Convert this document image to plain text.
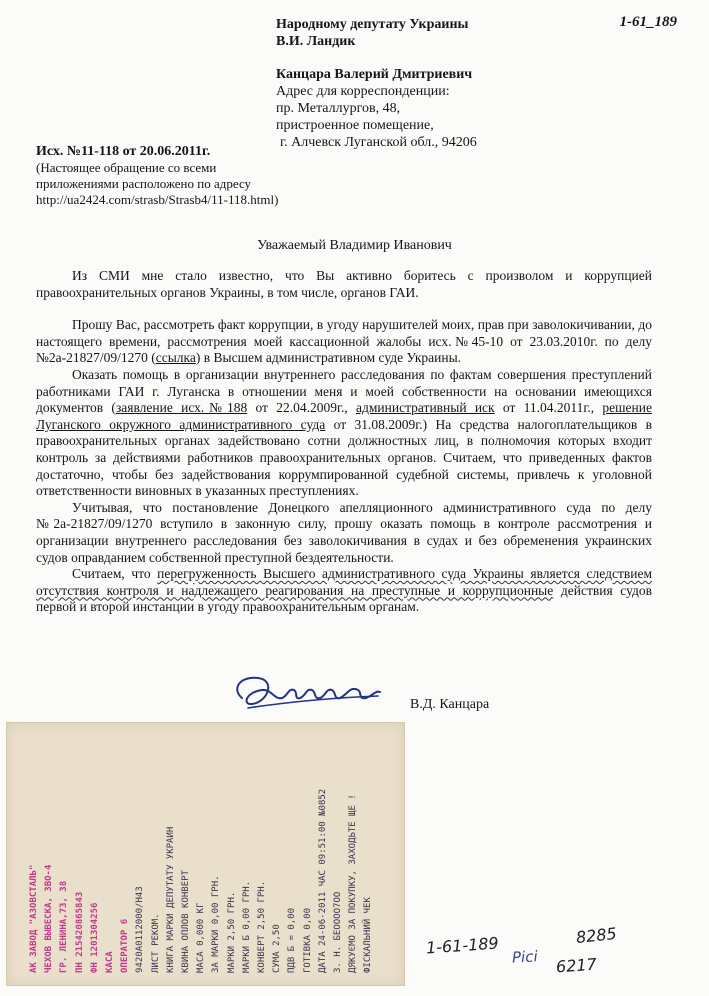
1-61_189
Народному депутату Украины
В.И. Ландик
Канцара Валерий Дмитриевич
Адрес для корреспонденции:
пр. Металлургов, 48,
пристроенное помещение,
г. Алчевск Луганской обл., 94206
Исх. №11-118 от 20.06.2011г.
(Настоящее обращение со всеми
приложениями расположено по адресу
http://ua2424.com/strasb/Strasb4/11-118.html)
Уважаемый Владимир Иванович

Из СМИ мне стало известно, что Вы активно боритесь с произволом и коррупцией правоохранительных органов Украины, в том числе, органов ГАИ.

Прошу Вас, рассмотреть факт коррупции, в угоду нарушителей моих, прав при заволокичивании, до настоящего времени, рассмотрения моей кассационной жалобы исх.№45-10 от 23.03.2010г. по делу №2а-21827/09/1270 (ссылка) в Высшем административном суде Украины.

Оказать помощь в организации внутреннего расследования по фактам совершения преступлений работниками ГАИ г. Луганска в отношении меня и моей собственности на основании имеющихся документов (заявление исх.№188 от 22.04.2009г., административный иск от 11.04.2011г., решение Луганского окружного административного суда от 31.08.2009г.) На средства налогоплательщиков в правоохранительных органах задействовано сотни должностных лиц, в полномочия которых входит контроль за действиями работников правоохранительных органов. Считаем, что приведенных фактов достаточно, чтобы без задействования коррумпированной судебной системы, привлечь к уголовной ответственности виновных в указанных преступлениях.

Учитывая, что постановление Донецкого апелляционного административного суда по делу №2а-21827/09/1270 вступило в законную силу, прошу оказать помощь в контроле рассмотрения и организации внутреннего расследования без заволокичивания в судах и без обременения украинских судов оправданием собственной преступной бездеятельности.

Считаем, что перегруженность Высшего административного суда Украины является следствием отсутствия контроля и надлежащего реагирования на преступные и коррупционные действия судов первой и второй инстанции в угоду правоохранительным органам.

В.Д. Канцара
АК ЗАВОД "АЗОВСТАЛЬ" ЧЕХОВ ВЫВЕСКА, ЗВО-4 ГР. ЛЕНИНА,73, 38 ПН 215420865843 ФН 1201304256 КАСА ОПЕРАТОР 6 9420А0112000/Н43 ЛИСТ РЕКОМ. КНИГА МАРКИ ДЕПУТАТУ УКРАИН КВИНА ОПЛОВ КОНВЕРТ МАСА 0,000 КГ ЗА МАРКИ 0,00 ГРН. МАРКИ 2,50 ГРН. МАРКИ Б 0,00 ГРН. КОНВЕРТ 2,50 ГРН. СУМА 2,50 ПДВ Б = 0,00 ГОТІВКА 0,00 ДАТА 24-06-2011 ЧАС 09:51:00 №0852 З. Н. БЕОООО7ОО ДЯКУЄМО ЗА ПОКУПКУ, ЗАХОДЬТЕ ЩЕ ! ФІСКАЛЬНИЙ ЧЕК	1-61-189 Рісі
8285
6217
